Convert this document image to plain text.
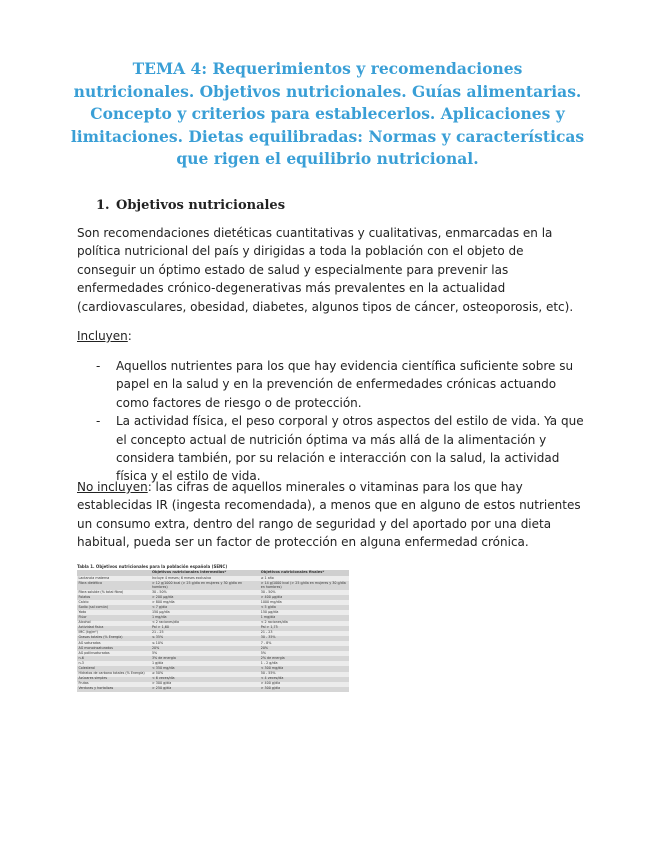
TEMA 4: Requerimientos y recomendaciones nutricionales. Objetivos nutricionales. Guías alimentarias. Concepto y criterios para establecerlos. Aplicaciones y limitaciones. Dietas equilibradas: Normas y características que rigen el equilibrio nutricional.
1. Objetivos nutricionales

Son recomendaciones dietéticas cuantitativas y cualitativas, enmarcadas en la política nutricional del país y dirigidas a toda la población con el objeto de conseguir un óptimo estado de salud y especialmente para prevenir las enfermedades crónico-degenerativas más prevalentes en la actualidad (cardiovasculares, obesidad, diabetes, algunos tipos de cáncer, osteoporosis, etc).

Incluyen:

- Aquellos nutrientes para los que hay evidencia científica suficiente sobre su papel en la salud y en la prevención de enfermedades crónicas actuando como factores de riesgo o de protección.
- La actividad física, el peso corporal y otros aspectos del estilo de vida. Ya que el concepto actual de nutrición óptima va más allá de la alimentación y considera también, por su relación e interacción con la salud, la actividad física y el estilo de vida.

No incluyen: las cifras de aquellos minerales o vitaminas para los que hay establecidas IR (ingesta recomendada), a menos que en alguno de estos nutrientes un consumo extra, dentro del rango de seguridad y del aportado por una dieta habitual, pueda ser un factor de protección en alguna enfermedad crónica.

Tabla 1. Objetivos nutricionales para la población española (SENC)
	Objetivos nutricionales intermedios*	Objetivos nutricionales finales*
Lactancia materna	Incluye 4 meses; 6 meses exclusiva	≥ 1 año
Fibra dietética	> 12 g/1000 kcal (> 25 g/día en mujeres y 30 g/día en hombres)	> 14 g/1000 kcal (> 25 g/día en mujeres y 30 g/día en hombres)
Fibra soluble (% total fibra)	30 - 50%	30 - 50%
Folatos	> 200 µg/día	> 400 µg/día
Calcio	> 800 mg/día	1000 mg/día
Sodio (sal común)	< 7 g/día	< 5 g/día
Yodo	150 µg/día	150 µg/día
Flúor	1 mg/día	1 mg/día
Alcohol	< 2 raciones/día	< 2 raciones/día
Actividad física	Pal > 1,60	Pal > 1,75
IMC (kg/m²)	21 - 25	21 - 23
Grasas totales (% Energía)	≤ 35%	30 - 35%
AG saturados	≤ 10%	7 - 8%
AG monoinsaturados	20%	20%
AG poliinsaturados	5%	5%
n-6	3% de energía	2% de energía
n-3	1 g/día	1 - 2 g/día
Colesterol	< 350 mg/día	< 300 mg/día
Hidratos de carbono totales (% Energía)	≥ 50%	50 - 55%
Azúcares simples	< 6 veces/día	< 4 veces/día
Frutas	> 300 g/día	> 400 g/día
Verduras y hortalizas	> 250 g/día	> 300 g/día
